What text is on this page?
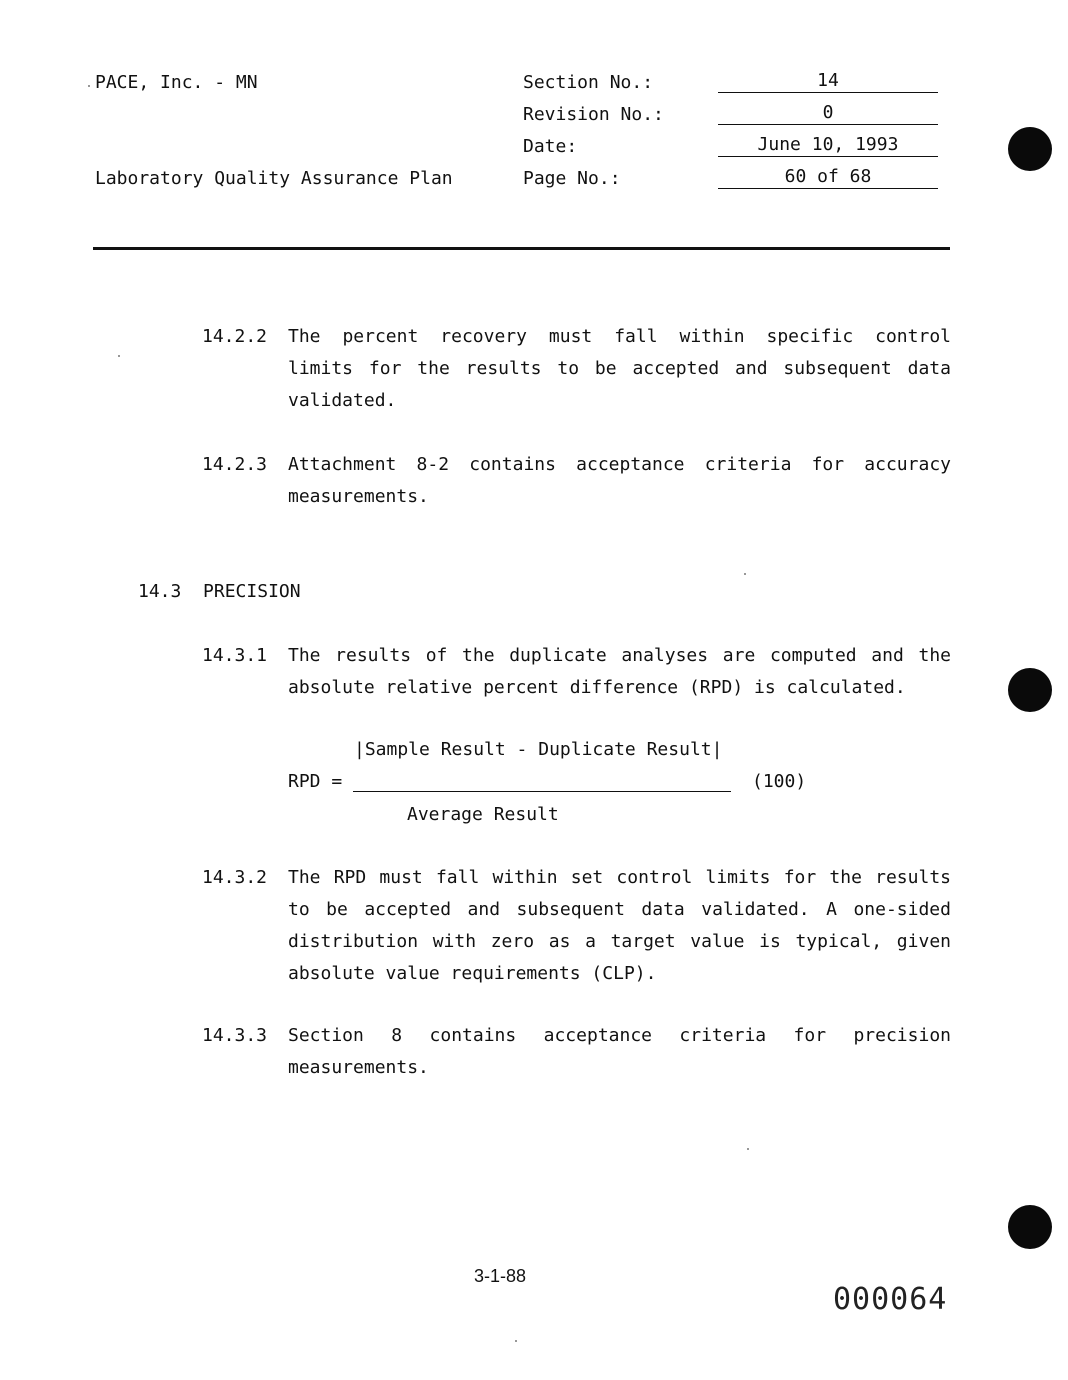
PACE, Inc. - MN
Laboratory Quality Assurance Plan
Section No.:	14
Revision No.:	0
Date:	June 10, 1993
Page No.:	60 of 68
14.2.2 The percent recovery must fall within specific control
limits for the results to be accepted and subsequent data
validated.
14.2.3 Attachment 8-2 contains acceptance criteria for accuracy
measurements.
14.3 PRECISION
14.3.1 The results of the duplicate analyses are computed and the
absolute relative percent difference (RPD) is calculated.
|Sample Result - Duplicate Result|
RPD =	(100)
Average Result
14.3.2 The RPD must fall within set control limits for the results
to be accepted and subsequent data validated. A one-sided
distribution with zero as a target value is typical, given
absolute value requirements (CLP).
14.3.3 Section 8 contains acceptance criteria for precision
measurements.
3-1-88
000064
